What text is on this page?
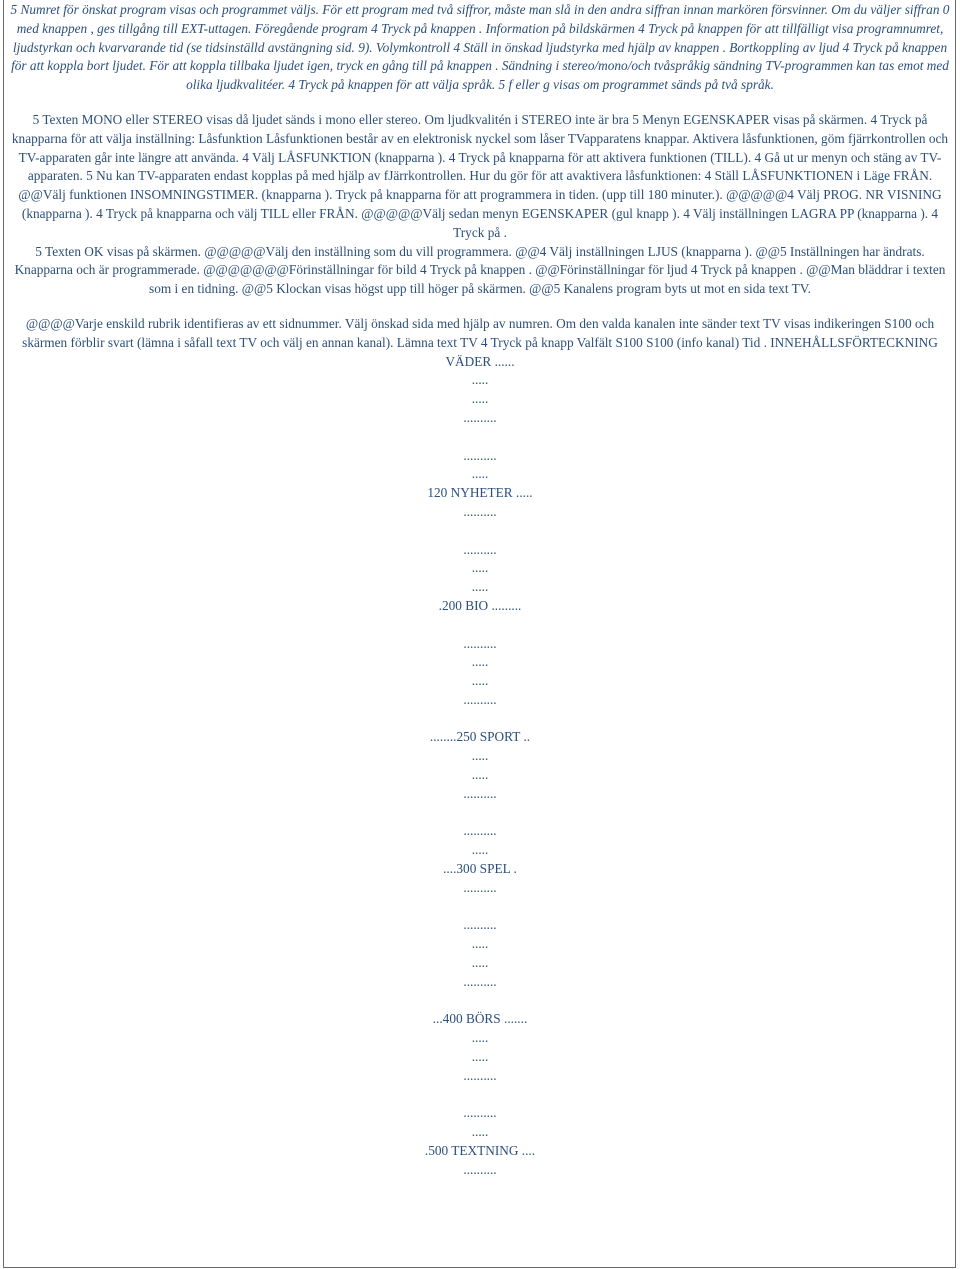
5 Numret för önskat program visas och programmet väljs. För ett program med två siffror, måste man slå in den andra siffran innan markören försvinner. Om du väljer siffran 0 med knappen , ges tillgång till EXT-uttagen. Föregående program 4 Tryck på knappen . Information på bildskärmen 4 Tryck på knappen för att tillfälligt visa programnumret, ljudstyrkan och kvarvarande tid (se tidsinställd avstängning sid. 9). Volymkontroll 4 Ställ in önskad ljudstyrka med hjälp av knappen . Bortkoppling av ljud 4 Tryck på knappen för att koppla bort ljudet. För att koppla tillbaka ljudet igen, tryck en gång till på knappen . Sändning i stereo/mono/och tvåspråkig sändning TV-programmen kan tas emot med olika ljudkvalitéer. 4 Tryck på knappen för att välja språk. 5 f eller g visas om programmet sänds på två språk.

5 Texten MONO eller STEREO visas då ljudet sänds i mono eller stereo. Om ljudkvalitén i STEREO inte är bra 5 Menyn EGENSKAPER visas på skärmen. 4 Tryck på knapparna för att välja inställning: Låsfunktion Låsfunktionen består av en elektronisk nyckel som låser TVapparatens knappar. Aktivera låsfunktionen, göm fjärrkontrollen och TV-apparaten går inte längre att använda. 4 Välj LÅSFUNKTION (knapparna ). 4 Tryck på knapparna för att aktivera funktionen (TILL). 4 Gå ut ur menyn och stäng av TV-apparaten. 5 Nu kan TV-apparaten endast kopplas på med hjälp av fJärrkontrollen. Hur du gör för att avaktivera låsfunktionen: 4 Ställ LÅSFUNKTIONEN i Läge FRÅN. @@Välj funktionen INSOMNINGSTIMER. (knapparna ). Tryck på knapparna för att programmera in tiden. (upp till 180 minuter.). @@@@@4 Välj PROG. NR VISNING (knapparna ). 4 Tryck på knapparna och välj TILL eller FRÅN. @@@@@Välj sedan menyn EGENSKAPER (gul knapp ). 4 Välj inställningen LAGRA PP (knapparna ). 4 Tryck på .

5 Texten OK visas på skärmen. @@@@@Välj den inställning som du vill programmera. @@4 Välj inställningen LJUS (knapparna ). @@5 Inställningen har ändrats. Knapparna och är programmerade. @@@@@@@Förinställningar för bild 4 Tryck på knappen . @@Förinställningar för ljud 4 Tryck på knappen . @@Man bläddrar i texten som i en tidning. @@5 Klockan visas högst upp till höger på skärmen. @@5 Kanalens program byts ut mot en sida text TV.

@@@@Varje enskild rubrik identifieras av ett sidnummer. Välj önskad sida med hjälp av numren. Om den valda kanalen inte sänder text TV visas indikeringen S100 och skärmen förblir svart (lämna i såfall text TV och välj en annan kanal). Lämna text TV 4 Tryck på knapp Valfält S100 S100 (info kanal) Tid . INNEHÅLLSFÖRTECKNING VÄDER ......

.....
.....
..........
..........
.....
120 NYHETER .....
..........
..........
.....
.....
.200 BIO .........
..........
.....
.....
..........
........250 SPORT ..
.....
.....
..........
..........
.....
....300 SPEL .
..........
..........
.....
.....
..........
...400 BÖRS .......
.....
.....
..........
..........
.....
.500 TEXTNING ....
..........
